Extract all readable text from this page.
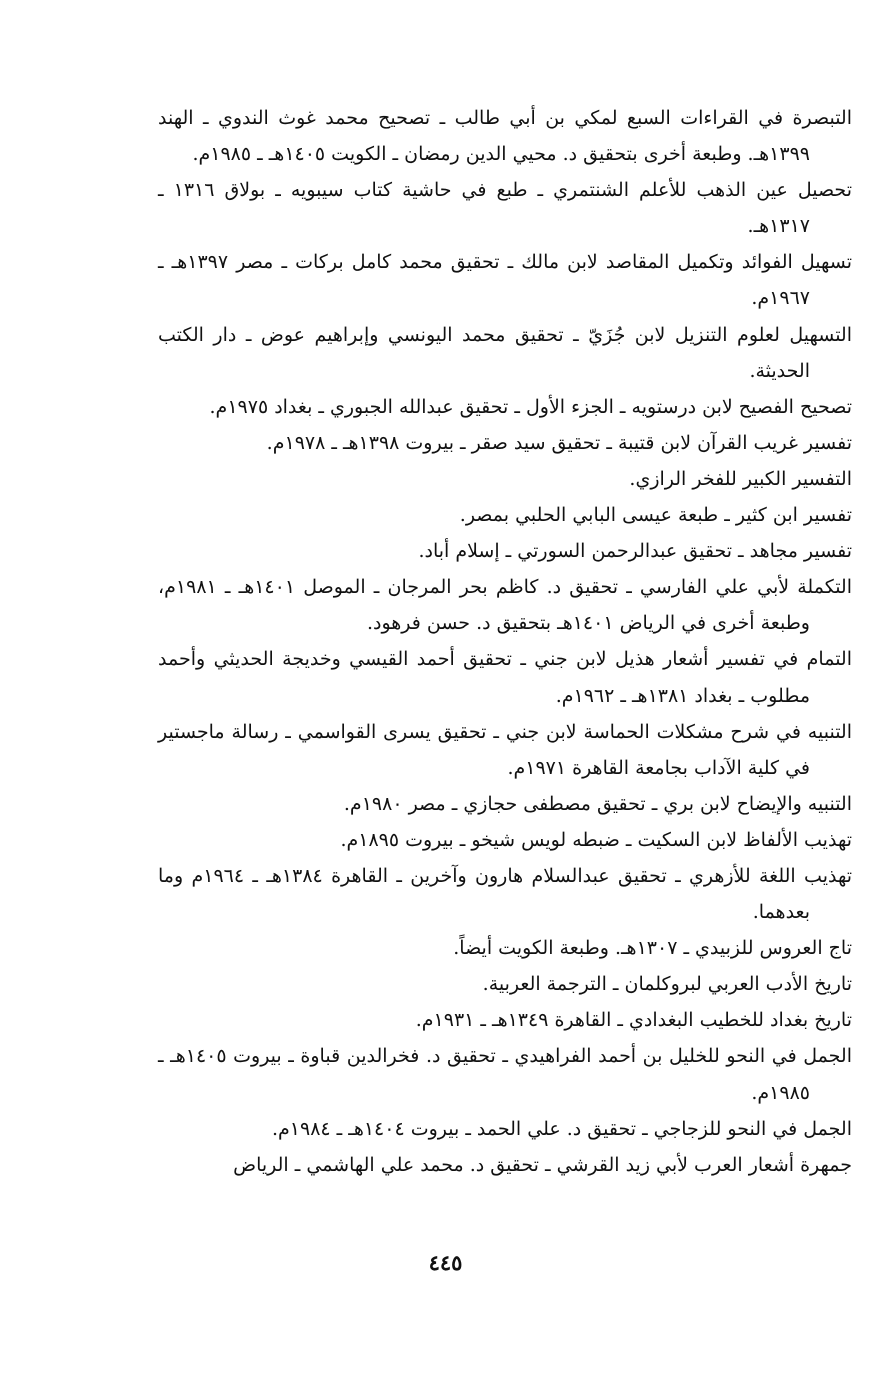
التبصرة في القراءات السبع لمكي بن أبي طالب ـ تصحيح محمد غوث الندوي ـ الهند ١٣٩٩هـ. وطبعة أخرى بتحقيق د. محيي الدين رمضان ـ الكويت ١٤٠٥هـ ـ ١٩٨٥م.

تحصيل عين الذهب للأعلم الشنتمري ـ طبع في حاشية كتاب سيبويه ـ بولاق ١٣١٦ ـ ١٣١٧هـ.

تسهيل الفوائد وتكميل المقاصد لابن مالك ـ تحقيق محمد كامل بركات ـ مصر ١٣٩٧هـ ـ ١٩٦٧م.

التسهيل لعلوم التنزيل لابن جُزَيّ ـ تحقيق محمد اليونسي وإبراهيم عوض ـ دار الكتب الحديثة.

تصحيح الفصيح لابن درستويه ـ الجزء الأول ـ تحقيق عبدالله الجبوري ـ بغداد ١٩٧٥م.

تفسير غريب القرآن لابن قتيبة ـ تحقيق سيد صقر ـ بيروت ١٣٩٨هـ ـ ١٩٧٨م.

التفسير الكبير للفخر الرازي.

تفسير ابن كثير ـ طبعة عيسى البابي الحلبي بمصر.

تفسير مجاهد ـ تحقيق عبدالرحمن السورتي ـ إسلام أباد.

التكملة لأبي علي الفارسي ـ تحقيق د. كاظم بحر المرجان ـ الموصل ١٤٠١هـ ـ ١٩٨١م، وطبعة أخرى في الرياض ١٤٠١هـ بتحقيق د. حسن فرهود.

التمام في تفسير أشعار هذيل لابن جني ـ تحقيق أحمد القيسي وخديجة الحديثي وأحمد مطلوب ـ بغداد ١٣٨١هـ ـ ١٩٦٢م.

التنبيه في شرح مشكلات الحماسة لابن جني ـ تحقيق يسرى القواسمي ـ رسالة ماجستير في كلية الآداب بجامعة القاهرة ١٩٧١م.

التنبيه والإيضاح لابن بري ـ تحقيق مصطفى حجازي ـ مصر ١٩٨٠م.

تهذيب الألفاظ لابن السكيت ـ ضبطه لويس شيخو ـ بيروت ١٨٩٥م.

تهذيب اللغة للأزهري ـ تحقيق عبدالسلام هارون وآخرين ـ القاهرة ١٣٨٤هـ ـ ١٩٦٤م وما بعدهما.

تاج العروس للزبيدي ـ ١٣٠٧هـ. وطبعة الكويت أيضاً.

تاريخ الأدب العربي لبروكلمان ـ الترجمة العربية.

تاريخ بغداد للخطيب البغدادي ـ القاهرة ١٣٤٩هـ ـ ١٩٣١م.

الجمل في النحو للخليل بن أحمد الفراهيدي ـ تحقيق د. فخرالدين قباوة ـ بيروت ١٤٠٥هـ ـ ١٩٨٥م.

الجمل في النحو للزجاجي ـ تحقيق د. علي الحمد ـ بيروت ١٤٠٤هـ ـ ١٩٨٤م.

جمهرة أشعار العرب لأبي زيد القرشي ـ تحقيق د. محمد علي الهاشمي ـ الرياض

٤٤٥
